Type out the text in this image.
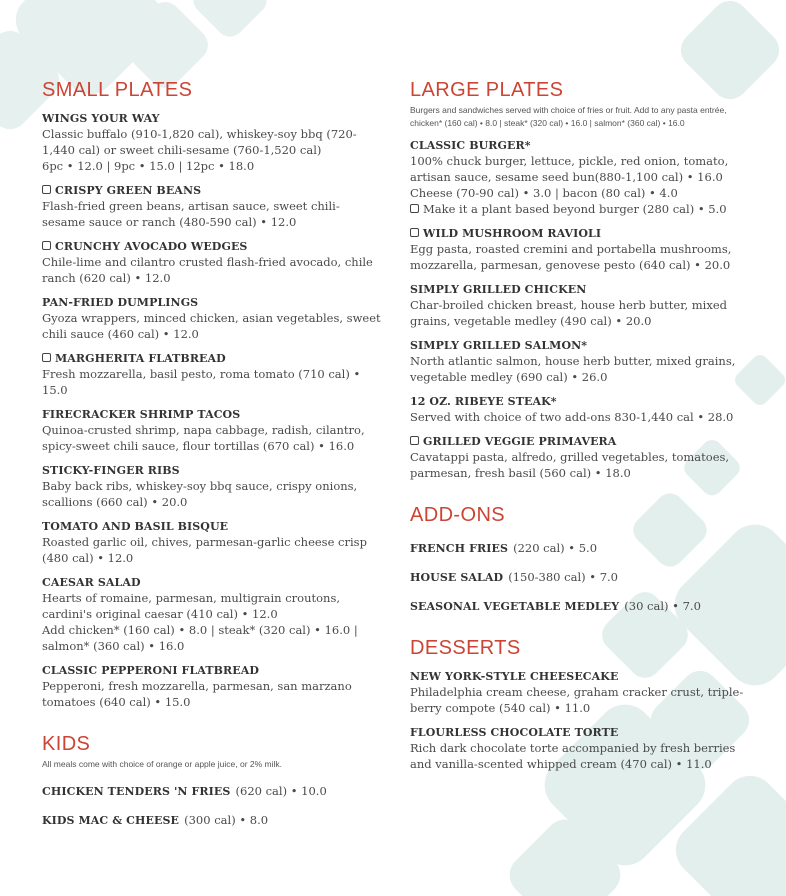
SMALL PLATES
WINGS YOUR WAY
Classic buffalo (910-1,820 cal), whiskey-soy bbq (720-1,440 cal) or sweet chili-sesame (760-1,520 cal)
6pc • 12.0 | 9pc • 15.0 | 12pc • 18.0
CRISPY GREEN BEANS
Flash-fried green beans, artisan sauce, sweet chili-sesame sauce or ranch (480-590 cal) • 12.0
CRUNCHY AVOCADO WEDGES
Chile-lime and cilantro crusted flash-fried avocado, chile ranch (620 cal) • 12.0
PAN-FRIED DUMPLINGS
Gyoza wrappers, minced chicken, asian vegetables, sweet chili sauce (460 cal) • 12.0
MARGHERITA FLATBREAD
Fresh mozzarella, basil pesto, roma tomato (710 cal) • 15.0
FIRECRACKER SHRIMP TACOS
Quinoa-crusted shrimp, napa cabbage, radish, cilantro, spicy-sweet chili sauce, flour tortillas (670 cal) • 16.0
STICKY-FINGER RIBS
Baby back ribs, whiskey-soy bbq sauce, crispy onions, scallions (660 cal) • 20.0
TOMATO AND BASIL BISQUE
Roasted garlic oil, chives, parmesan-garlic cheese crisp (480 cal) • 12.0
CAESAR SALAD
Hearts of romaine, parmesan, multigrain croutons, cardini's original caesar (410 cal) • 12.0
Add chicken* (160 cal) • 8.0 | steak* (320 cal) • 16.0 | salmon* (360 cal) • 16.0
CLASSIC PEPPERONI FLATBREAD
Pepperoni, fresh mozzarella, parmesan, san marzano tomatoes (640 cal) • 15.0
KIDS
All meals come with choice of orange or apple juice, or 2% milk.
CHICKEN TENDERS 'N FRIES (620 cal) • 10.0
KIDS MAC & CHEESE (300 cal) • 8.0
LARGE PLATES
Burgers and sandwiches served with choice of fries or fruit. Add to any pasta entrée, chicken* (160 cal) • 8.0 | steak* (320 cal) • 16.0 | salmon* (360 cal) • 16.0
CLASSIC BURGER*
100% chuck burger, lettuce, pickle, red onion, tomato, artisan sauce, sesame seed bun(880-1,100 cal) • 16.0
Cheese (70-90 cal) • 3.0 | bacon (80 cal) • 4.0
Make it a plant based beyond burger (280 cal) • 5.0
WILD MUSHROOM RAVIOLI
Egg pasta, roasted cremini and portabella mushrooms, mozzarella, parmesan, genovese pesto (640 cal) • 20.0
SIMPLY GRILLED CHICKEN
Char-broiled chicken breast, house herb butter, mixed grains, vegetable medley (490 cal) • 20.0
SIMPLY GRILLED SALMON*
North atlantic salmon, house herb butter, mixed grains, vegetable medley (690 cal) • 26.0
12 OZ. RIBEYE STEAK*
Served with choice of two add-ons 830-1,440 cal • 28.0
GRILLED VEGGIE PRIMAVERA
Cavatappi pasta, alfredo, grilled vegetables, tomatoes, parmesan, fresh basil (560 cal) • 18.0
ADD-ONS
FRENCH FRIES (220 cal) • 5.0
HOUSE SALAD (150-380 cal) • 7.0
SEASONAL VEGETABLE MEDLEY (30 cal) • 7.0
DESSERTS
NEW YORK-STYLE CHEESECAKE
Philadelphia cream cheese, graham cracker crust, triple-berry compote (540 cal) • 11.0
FLOURLESS CHOCOLATE TORTE
Rich dark chocolate torte accompanied by fresh berries and vanilla-scented whipped cream (470 cal) • 11.0
